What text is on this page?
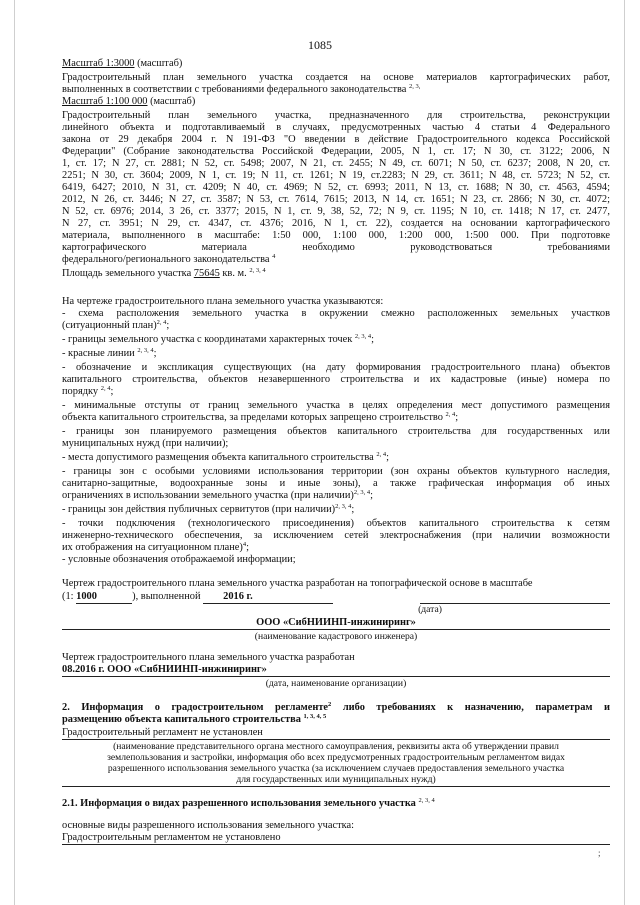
1085
Масштаб 1:3000 (масштаб)
Градостроительный план земельного участка создается на основе материалов картографических работ,
выполненных в соответствии с требованиями федерального законодательства $^{2, 3,}$
Масштаб 1:100 000 (масштаб)
Градостроительный план земельного участка, предназначенного для строительства, реконструкции
линейного объекта и подготавливаемый в случаях, предусмотренных частью 4 статьи 4 Федерального
закона от 29 декабря 2004 г. N 191-ФЗ "О введении в действие Градостроительного кодекса Российской
Федерации" (Собрание законодательства Российской Федерации, 2005, N 1, ст. 17; N 30, ст. 3122; 2006, N
1, ст. 17; N 27, ст. 2881; N 52, ст. 5498; 2007, N 21, ст. 2455; N 49, ст. 6071; N 50, ст. 6237; 2008, N 20, ст.
2251; N 30, ст. 3604; 2009, N 1, ст. 19; N 11, ст. 1261; N 19, ст.2283; N 29, ст. 3611; N 48, ст. 5723; N 52, ст.
6419, 6427; 2010, N 31, ст. 4209; N 40, ст. 4969; N 52, ст. 6993; 2011, N 13, ст. 1688; N 30, ст. 4563, 4594;
2012, N 26, ст. 3446; N 27, ст. 3587; N 53, ст. 7614, 7615; 2013, N 14, ст. 1651; N 23, ст. 2866; N 30, ст. 4072;
N 52, ст. 6976; 2014, 3 26, ст. 3377; 2015, N 1, ст. 9, 38, 52, 72; N 9, ст. 1195; N 10, ст. 1418; N 17, ст. 2477,
N 27, ст. 3951; N 29, ст. 4347, ст. 4376; 2016, N 1, ст. 22), создается на основании картографического
материала, выполненного в масштабе: 1:50 000, 1:100 000, 1:200 000, 1:500 000. При подготовке
картографического материала необходимо руководствоваться требованиями
федерального/регионального законодательства $^4$
Площадь земельного участка 75645 кв. м. $^{2, 3, 4}$
На чертеже градостроительного плана земельного участка указываются:
- схема расположения земельного участка в окружении смежно расположенных земельных участков
(ситуационный план)$^{2, 4}$;
- границы земельного участка с координатами характерных точек $^{2, 3, 4}$;
- красные линии $^{2, 3, 4}$;
- обозначение и экспликация существующих (на дату формирования градостроительного плана) объектов
капитального строительства, объектов незавершенного строительства и их кадастровые (иные) номера по
порядку $^{2, 4}$;
- минимальные отступы от границ земельного участка в целях определения мест допустимого размещения
объекта капитального строительства, за пределами которых запрещено строительство $^{2, 4}$;
- границы зон планируемого размещения объектов капитального строительства для государственных или
муниципальных нужд (при наличии);
- места допустимого размещения объекта капитального строительства $^{2, 4}$;
- границы зон с особыми условиями использования территории (зон охраны объектов культурного наследия,
санитарно-защитные, водоохранные зоны и иные зоны), а также графическая информация об иных
ограничениях в использовании земельного участка (при наличии)$^{2, 3, 4}$;
- границы зон действия публичных сервитутов (при наличии)$^{2, 3, 4}$;
- точки подключения (технологического присоединения) объектов капитального строительства к сетям
инженерно-технического обеспечения, за исключением сетей электроснабжения (при наличии возможности
их отображения на ситуационном плане)$^4$;
- условные обозначения отображаемой информации;
Чертеж градостроительного плана земельного участка разработан на топографической основе в масштабе
(1: 1000	), выполненной 2016 г.
(дата)
ООО «СибНИИНП-инжиниринг»
(наименование кадастрового инженера)
Чертеж градостроительного плана земельного участка разработан
08.2016 г. ООО «СибНИИНП-инжиниринг»
(дата, наименование организации)
2. Информация о градостроительном регламенте$^2$ либо требованиях к назначению, параметрам и
размещению объекта капитального строительства $^{1, 3, 4, 5}$
Градостроительный регламент не установлен
(наименование представительного органа местного самоуправления, реквизиты акта об утверждении правил
землепользования и застройки, информация обо всех предусмотренных градостроительным регламентом видах
разрешенного использования земельного участка (за исключением случаев предоставления земельного участка
для государственных или муниципальных нужд)
2.1. Информация о видах разрешенного использования земельного участка $^{2, 3, 4}$
основные виды разрешенного использования земельного участка:
Градостроительным регламентом не установлено
;
